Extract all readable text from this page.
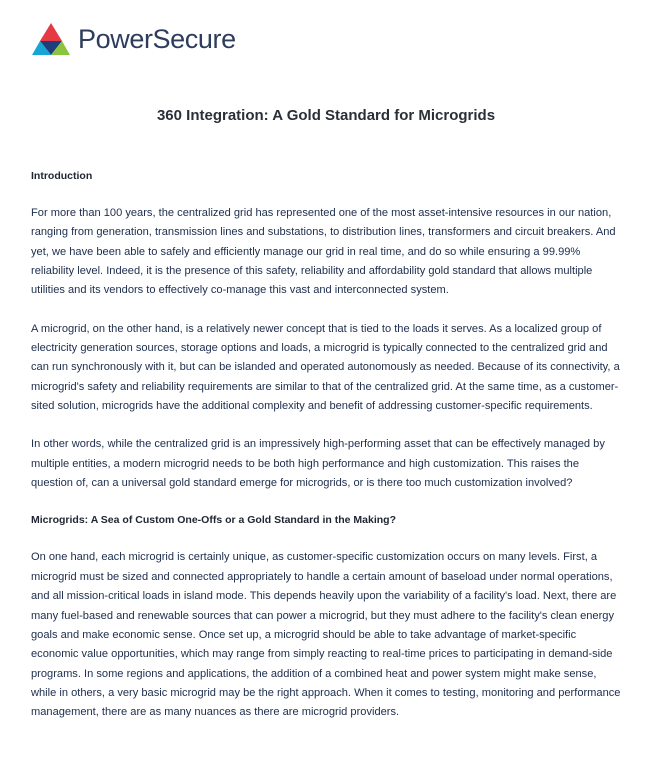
PowerSecure
360 Integration: A Gold Standard for Microgrids
Introduction

For more than 100 years, the centralized grid has represented one of the most asset-intensive resources in our nation, ranging from generation, transmission lines and substations, to distribution lines, transformers and circuit breakers. And yet, we have been able to safely and efficiently manage our grid in real time, and do so while ensuring a 99.99% reliability level. Indeed, it is the presence of this safety, reliability and affordability gold standard that allows multiple utilities and its vendors to effectively co-manage this vast and interconnected system.

A microgrid, on the other hand, is a relatively newer concept that is tied to the loads it serves. As a localized group of electricity generation sources, storage options and loads, a microgrid is typically connected to the centralized grid and can run synchronously with it, but can be islanded and operated autonomously as needed. Because of its connectivity, a microgrid's safety and reliability requirements are similar to that of the centralized grid. At the same time, as a customer-sited solution, microgrids have the additional complexity and benefit of addressing customer-specific requirements.

In other words, while the centralized grid is an impressively high-performing asset that can be effectively managed by multiple entities, a modern microgrid needs to be both high performance and high customization. This raises the question of, can a universal gold standard emerge for microgrids, or is there too much customization involved?

Microgrids: A Sea of Custom One-Offs or a Gold Standard in the Making?

On one hand, each microgrid is certainly unique, as customer-specific customization occurs on many levels. First, a microgrid must be sized and connected appropriately to handle a certain amount of baseload under normal operations, and all mission-critical loads in island mode. This depends heavily upon the variability of a facility's load. Next, there are many fuel-based and renewable sources that can power a microgrid, but they must adhere to the facility's clean energy goals and make economic sense. Once set up, a microgrid should be able to take advantage of market-specific economic value opportunities, which may range from simply reacting to real-time prices to participating in demand-side programs. In some regions and applications, the addition of a combined heat and power system might make sense, while in others, a very basic microgrid may be the right approach. When it comes to testing, monitoring and performance management, there are as many nuances as there are microgrid providers.
